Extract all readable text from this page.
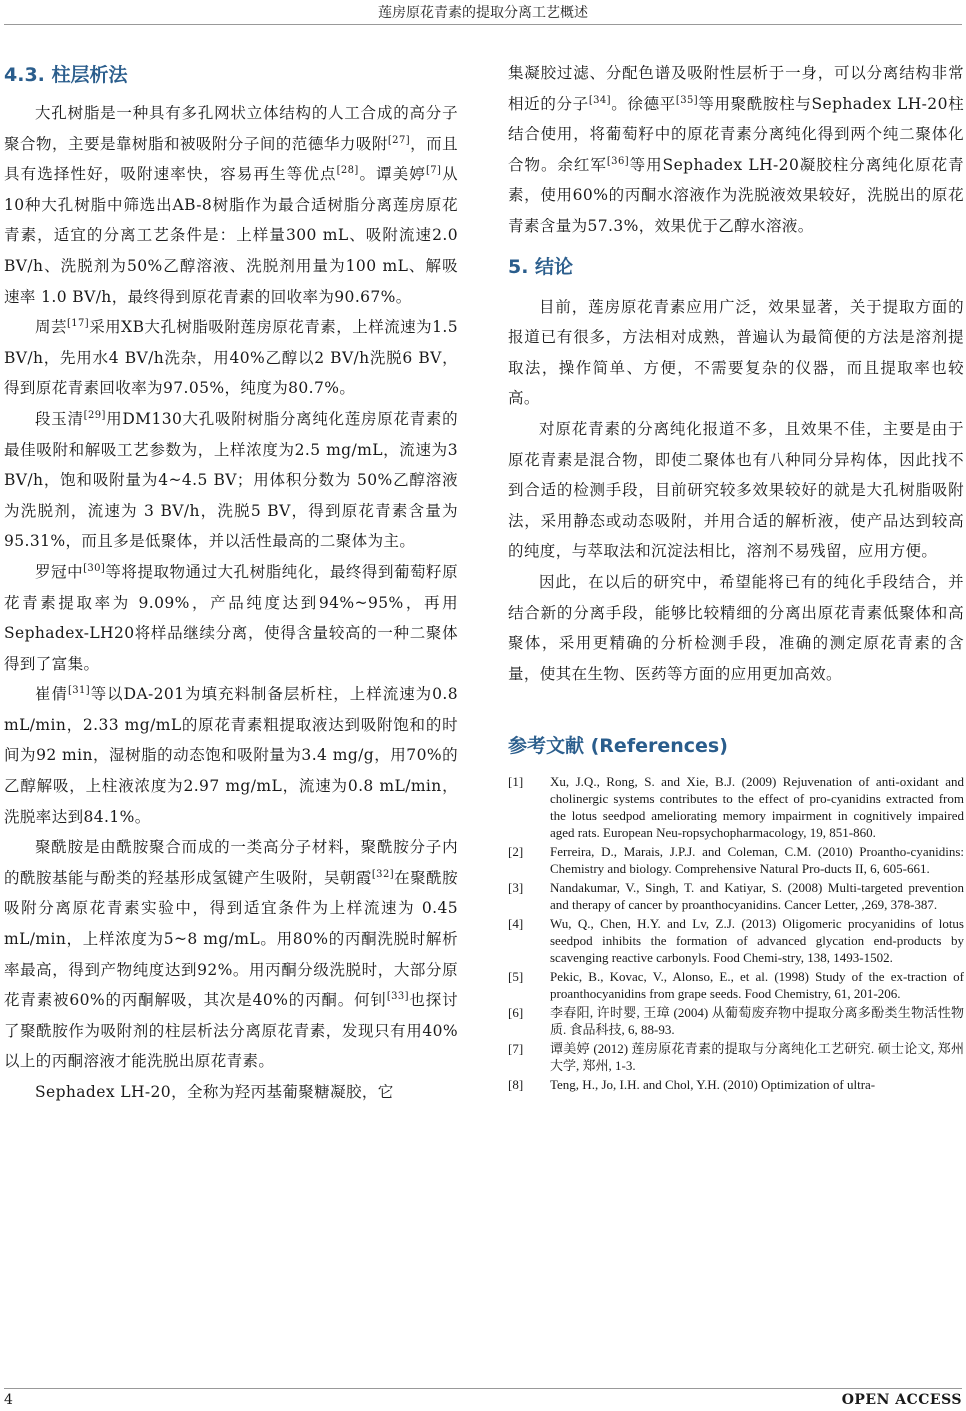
莲房原花青素的提取分离工艺概述
4.3. 柱层析法

大孔树脂是一种具有多孔网状立体结构的人工合成的高分子聚合物，主要是靠树脂和被吸附分子间的范德华力吸附[27]，而且具有选择性好，吸附速率快，容易再生等优点[28]。谭美婷[7]从10种大孔树脂中筛选出AB-8树脂作为最合适树脂分离莲房原花青素，适宜的分离工艺条件是：上样量300 mL、吸附流速2.0 BV/h、洗脱剂为50%乙醇溶液、洗脱剂用量为100 mL、解吸速率 1.0 BV/h，最终得到原花青素的回收率为90.67%。

周芸[17]采用XB大孔树脂吸附莲房原花青素，上样流速为1.5 BV/h，先用水4 BV/h洗杂，用40%乙醇以2 BV/h洗脱6 BV，得到原花青素回收率为97.05%，纯度为80.7%。

段玉清[29]用DM130大孔吸附树脂分离纯化莲房原花青素的最佳吸附和解吸工艺参数为，上样浓度为2.5 mg/mL，流速为3 BV/h，饱和吸附量为4~4.5 BV；用体积分数为 50%乙醇溶液为洗脱剂，流速为 3 BV/h，洗脱5 BV，得到原花青素含量为95.31%，而且多是低聚体，并以活性最高的二聚体为主。

罗冠中[30]等将提取物通过大孔树脂纯化，最终得到葡萄籽原花青素提取率为 9.09%，产品纯度达到94%~95%，再用Sephadex-LH20将样品继续分离，使得含量较高的一种二聚体得到了富集。

崔倩[31]等以DA-201为填充料制备层析柱，上样流速为0.8 mL/min，2.33 mg/mL的原花青素粗提取液达到吸附饱和的时间为92 min，湿树脂的动态饱和吸附量为3.4 mg/g，用70%的乙醇解吸，上柱液浓度为2.97 mg/mL，流速为0.8 mL/min，洗脱率达到84.1%。

聚酰胺是由酰胺聚合而成的一类高分子材料，聚酰胺分子内的酰胺基能与酚类的羟基形成氢键产生吸附，吴朝霞[32]在聚酰胺吸附分离原花青素实验中，得到适宜条件为上样流速为 0.45 mL/min，上样浓度为5~8 mg/mL。用80%的丙酮洗脱时解析率最高，得到产物纯度达到92%。用丙酮分级洗脱时，大部分原花青素被60%的丙酮解吸，其次是40%的丙酮。何钊[33]也探讨了聚酰胺作为吸附剂的柱层析法分离原花青素，发现只有用40%以上的丙酮溶液才能洗脱出原花青素。

Sephadex LH-20，全称为羟丙基葡聚糖凝胶，它

集凝胶过滤、分配色谱及吸附性层析于一身，可以分离结构非常相近的分子[34]。徐德平[35]等用聚酰胺柱与Sephadex LH-20柱结合使用，将葡萄籽中的原花青素分离纯化得到两个纯二聚体化合物。余红军[36]等用Sephadex LH-20凝胶柱分离纯化原花青素，使用60%的丙酮水溶液作为洗脱液效果较好，洗脱出的原花青素含量为57.3%，效果优于乙醇水溶液。

5. 结论

目前，莲房原花青素应用广泛，效果显著，关于提取方面的报道已有很多，方法相对成熟，普遍认为最简便的方法是溶剂提取法，操作简单、方便，不需要复杂的仪器，而且提取率也较高。

对原花青素的分离纯化报道不多，且效果不佳，主要是由于原花青素是混合物，即使二聚体也有八种同分异构体，因此找不到合适的检测手段，目前研究较多效果较好的就是大孔树脂吸附法，采用静态或动态吸附，并用合适的解析液，使产品达到较高的纯度，与萃取法和沉淀法相比，溶剂不易残留，应用方便。

因此，在以后的研究中，希望能将已有的纯化手段结合，并结合新的分离手段，能够比较精细的分离出原花青素低聚体和高聚体，采用更精确的分析检测手段，准确的测定原花青素的含量，使其在生物、医药等方面的应用更加高效。

参考文献 (References)
[1]	Xu, J.Q., Rong, S. and Xie, B.J. (2009) Rejuvenation of anti-oxidant and cholinergic systems contributes to the effect of pro-cyanidins extracted from the lotus seedpod ameliorating memory impairment in cognitively impaired aged rats. European Neu-ropsychopharmacology, 19, 851-860.
[2]	Ferreira, D., Marais, J.P.J. and Coleman, C.M. (2010) Proantho-cyanidins: Chemistry and biology. Comprehensive Natural Pro-ducts II, 6, 605-661.
[3]	Nandakumar, V., Singh, T. and Katiyar, S. (2008) Multi-targeted prevention and therapy of cancer by proanthocyanidins. Cancer Letter, ,269, 378-387.
[4]	Wu, Q., Chen, H.Y. and Lv, Z.J. (2013) Oligomeric procyanidins of lotus seedpod inhibits the formation of advanced glycation end-products by scavenging reactive carbonyls. Food Chemi-stry, 138, 1493-1502.
[5]	Pekic, B., Kovac, V., Alonso, E., et al. (1998) Study of the ex-traction of proanthocyanidins from grape seeds. Food Chemistry, 61, 201-206.
[6]	李春阳, 许时婴, 王璋 (2004) 从葡萄废弃物中提取分离多酚类生物活性物质. 食品科技, 6, 88-93.
[7]	谭美婷 (2012) 莲房原花青素的提取与分离纯化工艺研究. 硕士论文, 郑州大学, 郑州, 1-3.
[8]	Teng, H., Jo, I.H. and Chol, Y.H. (2010) Optimization of ultra-
4	OPEN ACCESS
